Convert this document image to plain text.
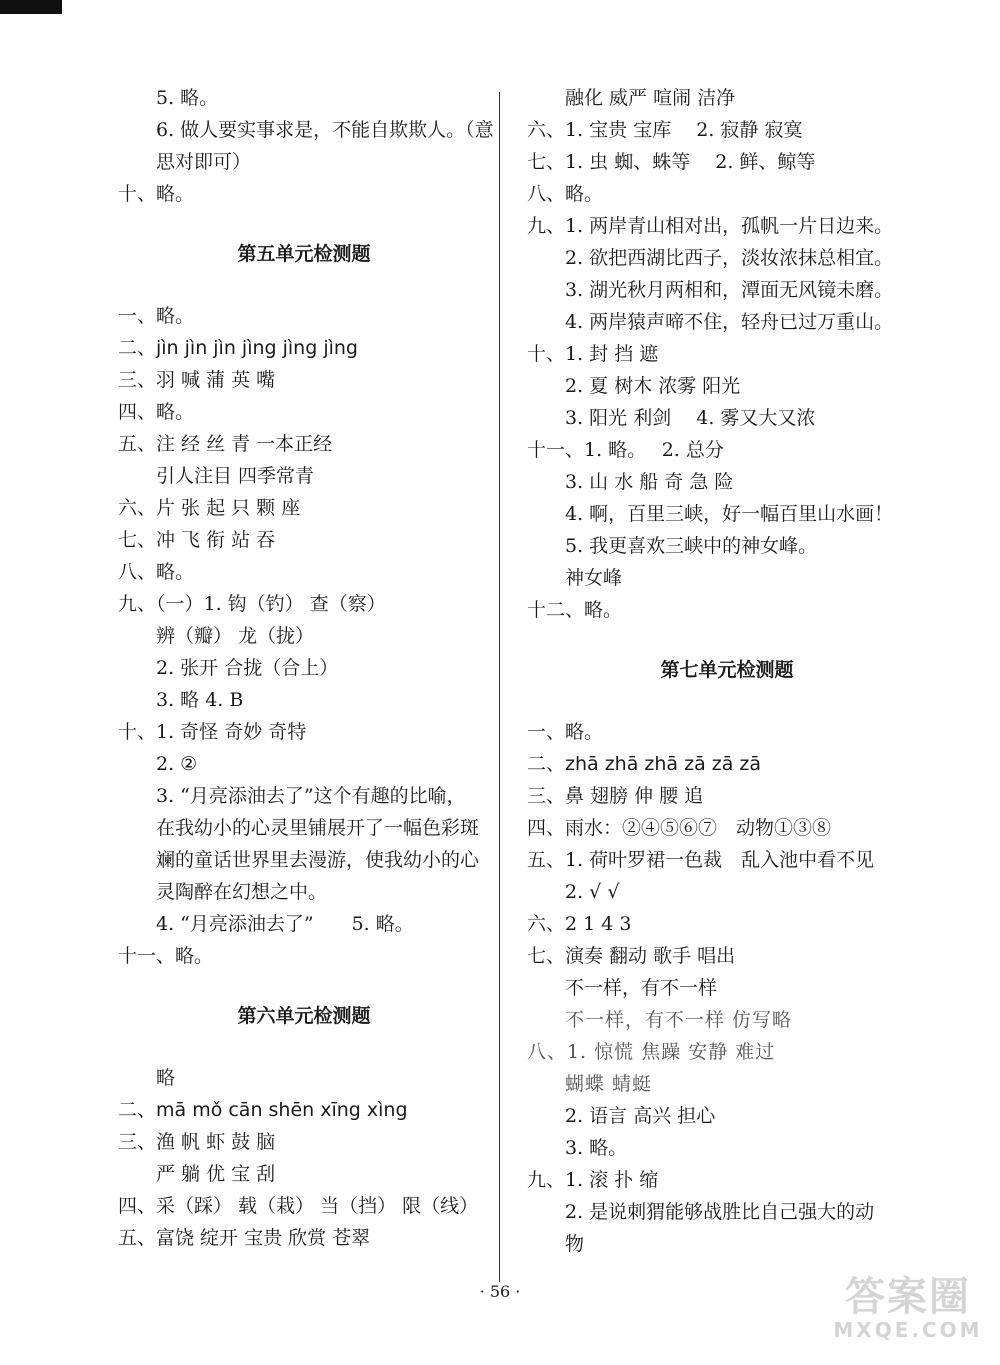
5. 略。
6. 做人要实事求是，不能自欺欺人。（意
思对即可）
十、略。
第五单元检测题
一、略。
二、jìn jìn jìn jìng jìng jìng
三、羽 喊 蒲 英 嘴
四、略。
五、注 经 丝 青 一本正经
引人注目 四季常青
六、片 张 起 只 颗 座
七、冲 飞 衔 站 吞
八、略。
九、（一）1. 钩（钓） 查（察）
辨（瓣） 龙（拢）
2. 张开 合拢（合上）
3. 略 4. B
十、1. 奇怪 奇妙 奇特
2. ②
3. “月亮添油去了”这个有趣的比喻，
在我幼小的心灵里铺展开了一幅色彩斑
斓的童话世界里去漫游，使我幼小的心
灵陶醉在幻想之中。
4. “月亮添油去了”　　5. 略。
十一、略。
第六单元检测题
略
二、mā mǒ cān shēn xīng xìng
三、渔 帆 虾 鼓 脑
严 躺 优 宝 刮
四、采（踩） 载（栽） 当（挡） 限（线）
五、富饶 绽开 宝贵 欣赏 苍翠
融化 威严 喧闹 洁净
六、1. 宝贵 宝库　 2. 寂静 寂寞
七、1. 虫 蜘、蛛等　 2. 鲜、鲸等
八、略。
九、1. 两岸青山相对出，孤帆一片日边来。
2. 欲把西湖比西子，淡妆浓抹总相宜。
3. 湖光秋月两相和，潭面无风镜未磨。
4. 两岸猿声啼不住，轻舟已过万重山。
十、1. 封 挡 遮
2. 夏 树木 浓雾 阳光
3. 阳光 利剑　 4. 雾又大又浓
十一、1. 略。　 2. 总分
3. 山 水 船 奇 急 险
4. 啊，百里三峡，好一幅百里山水画！
5. 我更喜欢三峡中的神女峰。
神女峰
十二、略。
第七单元检测题
一、略。
二、zhā zhā zhā zā zā zā
三、鼻 翅膀 伸 腰 追
四、雨水：②④⑤⑥⑦　动物①③⑧
五、1. 荷叶罗裙一色裁　乱入池中看不见
2. √ √
六、2 1 4 3
七、演奏 翻动 歌手 唱出
不一样，有不一样
不一样，有不一样 仿写略
八、1. 惊慌 焦躁 安静 难过
蝴蝶 蜻蜓
2. 语言 高兴 担心
3. 略。
九、1. 滚 扑 缩
2. 是说刺猬能够战胜比自己强大的动
物
· 56 ·	答案圈
MXQE.COM
